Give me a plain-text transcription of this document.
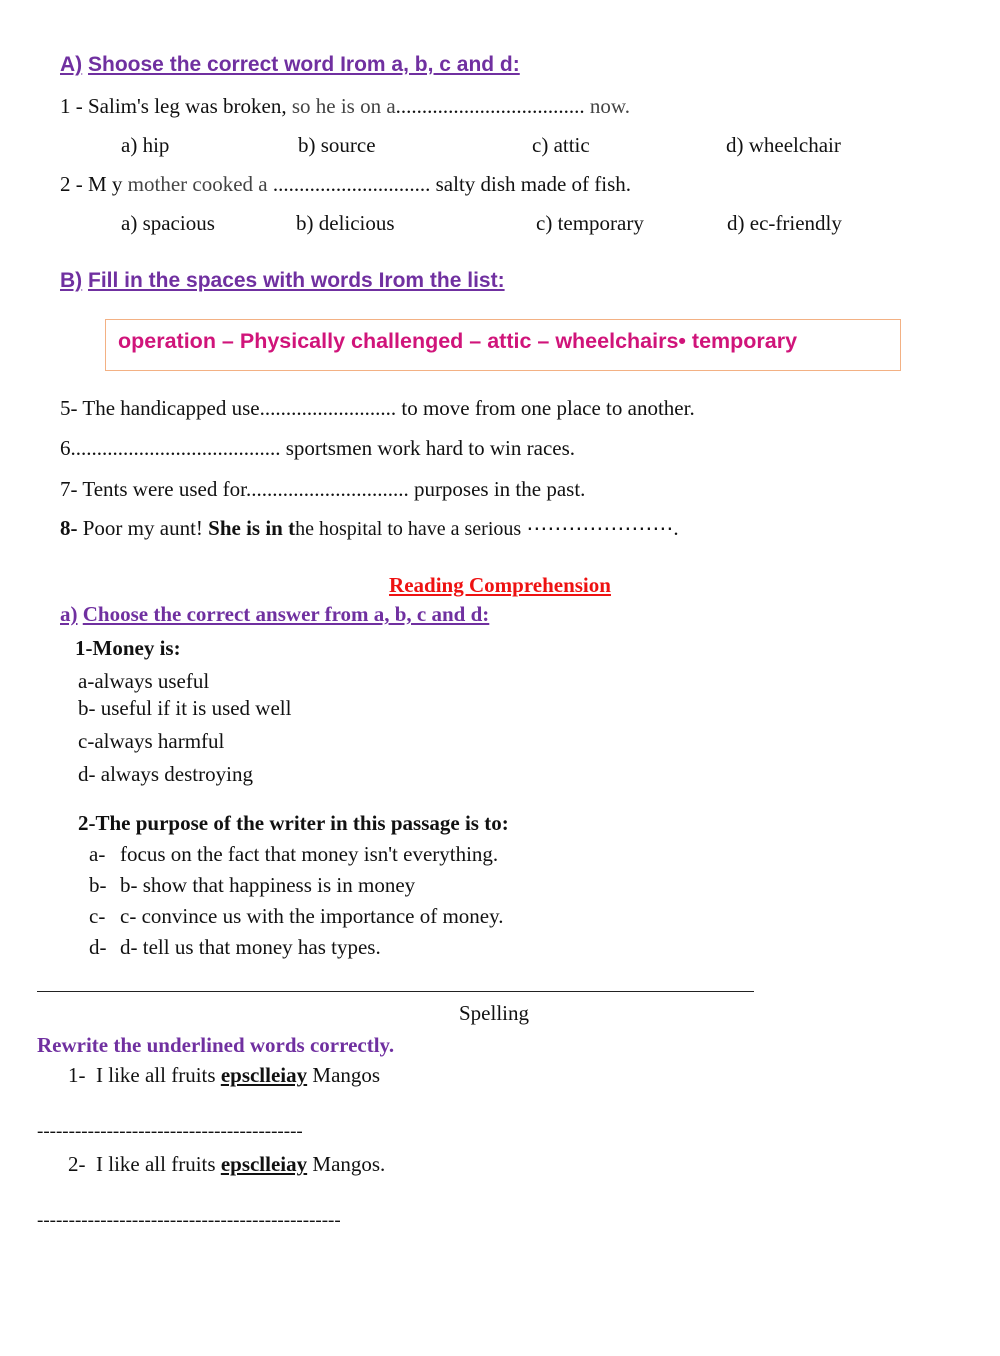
A) Shoose the correct word Irom a, b, c and d:
1 - Salim's leg was broken, so he is on a.................................... now.
a) hip	b) source	c) attic	d) wheelchair
2 - M y mother cooked a .............................. salty dish made of fish.
a) spacious	b) delicious	c) temporary	d) ec-friendly
B) Fill in the spaces with words Irom the list:
operation – Physically challenged – attic – wheelchairs• temporary
5- The handicapped use.......................... to move from one place to another.
6........................................ sportsmen work hard to win races.
7- Tents were used for............................... purposes in the past.
8- Poor my aunt! She is in the hospital to have a serious ⋯⋯⋯⋯⋯⋯⋯.
Reading Comprehension
a) Choose the correct answer from a, b, c and d:
1-Money is:
a-always useful
b- useful if it is used well
c-always harmful
d- always destroying
2-The purpose of the writer in this passage is to:
a- focus on the fact that money isn't everything.
b- b- show that happiness is in money
c- c- convince us with the importance of money.
d- d- tell us that money has types.
Spelling
Rewrite the underlined words correctly.
1- I like all fruits epsclleiay Mangos
------------------------------------------
2- I like all fruits epsclleiay Mangos.
------------------------------------------------
